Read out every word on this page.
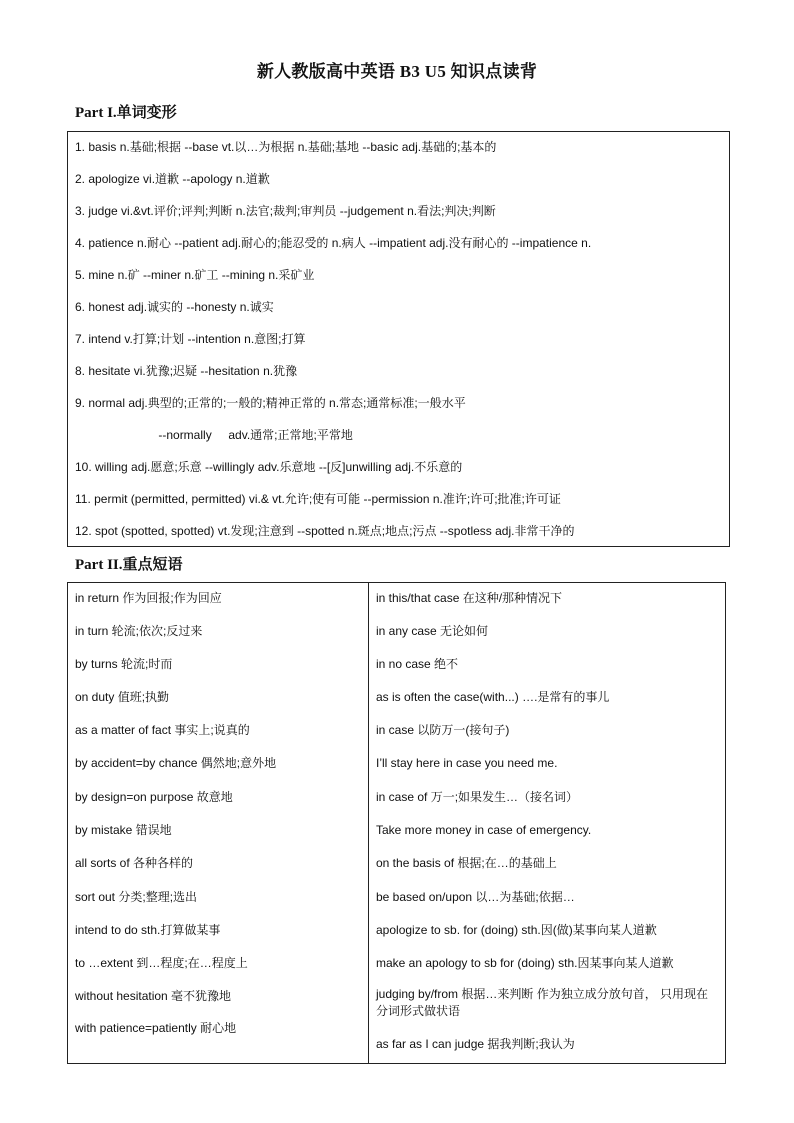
新人教版高中英语 B3 U5 知识点读背
Part I.单词变形
1. basis n.基础;根据 --base vt.以…为根据 n.基础;基地 --basic adj.基础的;基本的
2. apologize vi.道歉 --apology n.道歉
3. judge vi.&vt.评价;评判;判断 n.法官;裁判;审判员 --judgement n.看法;判决;判断
4. patience n.耐心 --patient adj.耐心的;能忍受的 n.病人 --impatient adj.没有耐心的 --impatience n.
5. mine n.矿 --miner n.矿工 --mining n.采矿业
6. honest adj.诚实的 --honesty n.诚实
7. intend v.打算;计划 --intention n.意图;打算
8. hesitate vi.犹豫;迟疑 --hesitation n.犹豫
9. normal adj.典型的;正常的;一般的;精神正常的 n.常态;通常标准;一般水平
--normally     adv.通常;正常地;平常地
10. willing adj.愿意;乐意 --willingly adv.乐意地 --[反]unwilling adj.不乐意的
11. permit (permitted, permitted) vi.& vt.允许;使有可能 --permission n.准许;许可;批准;许可证
12. spot (spotted, spotted) vt.发现;注意到 --spotted n.斑点;地点;污点 --spotless adj.非常干净的
Part II.重点短语
in return 作为回报;作为回应
in turn 轮流;依次;反过来
by turns 轮流;时而
on duty 值班;执勤
as a matter of fact 事实上;说真的
by accident=by chance 偶然地;意外地
by design=on purpose 故意地
by mistake 错误地
all sorts of 各种各样的
sort out 分类;整理;选出
intend to do sth.打算做某事
to …extent 到…程度;在…程度上
without hesitation 毫不犹豫地
with patience=patiently 耐心地
in this/that case 在这种/那种情况下
in any case 无论如何
in no case 绝不
as is often the case(with...) ….是常有的事儿
in case 以防万一(接句子)
I’ll stay here in case you need me.
in case of 万一;如果发生…（接名词）
Take more money in case of emergency.
on the basis of 根据;在…的基础上
be based on/upon 以…为基础;依据…
apologize to sb. for (doing) sth.因(做)某事向某人道歉
make an apology to sb for (doing) sth.因某事向某人道歉
judging by/from 根据…来判断 作为独立成分放句首， 只用现在分词形式做状语
as far as I can judge 据我判断;我认为
